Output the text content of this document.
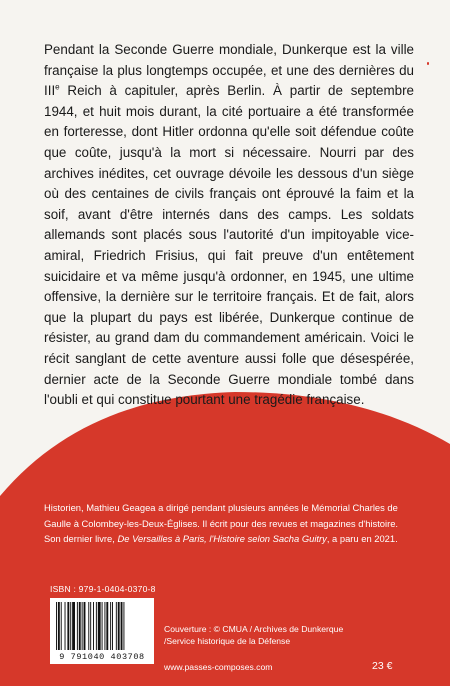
Pendant la Seconde Guerre mondiale, Dunkerque est la ville française la plus longtemps occupée, et une des dernières du IIIe Reich à capituler, après Berlin. À partir de septembre 1944, et huit mois durant, la cité portuaire a été transformée en forteresse, dont Hitler ordonna qu'elle soit défendue coûte que coûte, jusqu'à la mort si nécessaire. Nourri par des archives inédites, cet ouvrage dévoile les dessous d'un siège où des centaines de civils français ont éprouvé la faim et la soif, avant d'être internés dans des camps. Les soldats allemands sont placés sous l'autorité d'un impitoyable vice-amiral, Friedrich Frisius, qui fait preuve d'un entêtement suicidaire et va même jusqu'à ordonner, en 1945, une ultime offensive, la dernière sur le territoire français. Et de fait, alors que la plupart du pays est libérée, Dunkerque continue de résister, au grand dam du commandement américain. Voici le récit sanglant de cette aventure aussi folle que désespérée, dernier acte de la Seconde Guerre mondiale tombé dans l'oubli et qui constitue pourtant une tragédie française.

Historien, Mathieu Geagea a dirigé pendant plusieurs années le Mémorial Charles de Gaulle à Colombey-les-Deux-Églises. Il écrit pour des revues et magazines d'histoire. Son dernier livre, De Versailles à Paris, l'Histoire selon Sacha Guitry, a paru en 2021.

ISBN : 979-1-0404-0370-8
9 791040 403708
Couverture : © CMUA / Archives de Dunkerque
/Service historique de la Défense
www.passes-composes.com	23 €
